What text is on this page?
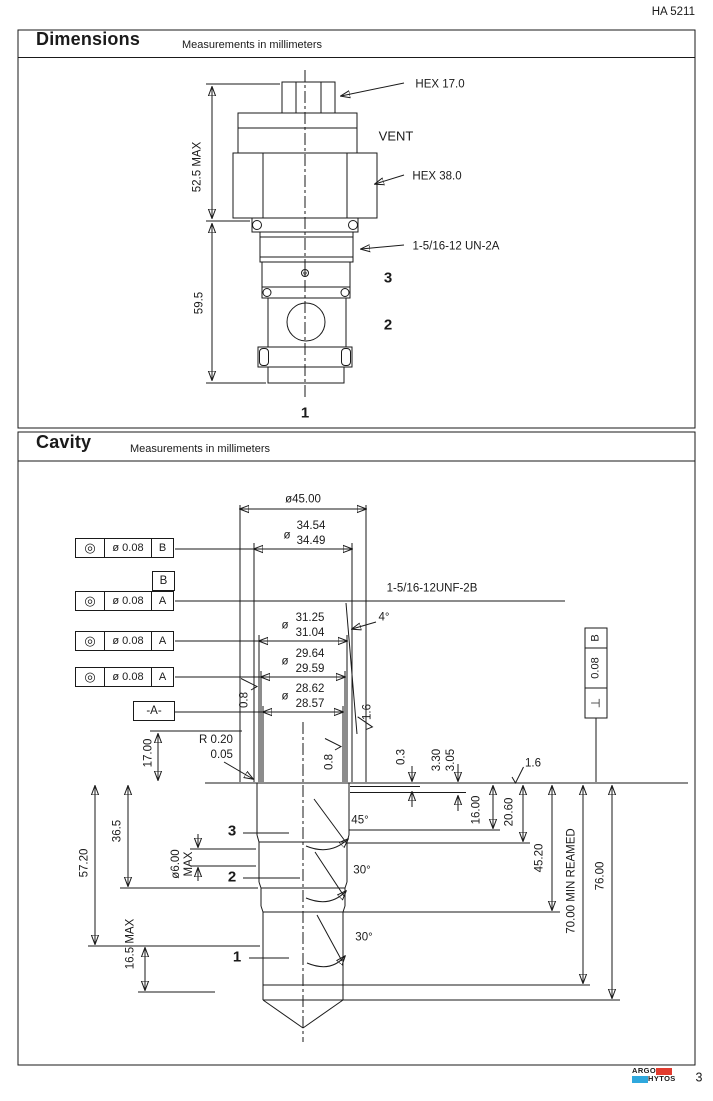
HA 5211
Dimensions	Measurements in millimeters
HEX 17.0
VENT
HEX 38.0
1-5/16-12 UN-2A
52.5 MAX
59.5
3
2
1
Cavity	Measurements in millimeters
ø45.00
ø
34.54
34.49
1-5/16-12UNF-2B
4°
ø
31.25
31.04
ø
29.64
29.59
ø
28.62
28.57
0.8
1.6
0.8	1.6
R 0.20
0.05
17.00
36.5
57.20
16.5 MAX
ø6.00 MAX
0.3 3.30 3.05
45°
30°
30°
16.00 20.60
45.20 70.00 MIN REAMED 76.00
3
2
1
B
0.08
⊥
◎	ø 0.08	B
B
◎	ø 0.08	A
◎	ø 0.08	A
◎	ø 0.08	A
-A-
ARGO
HYTOS 3
